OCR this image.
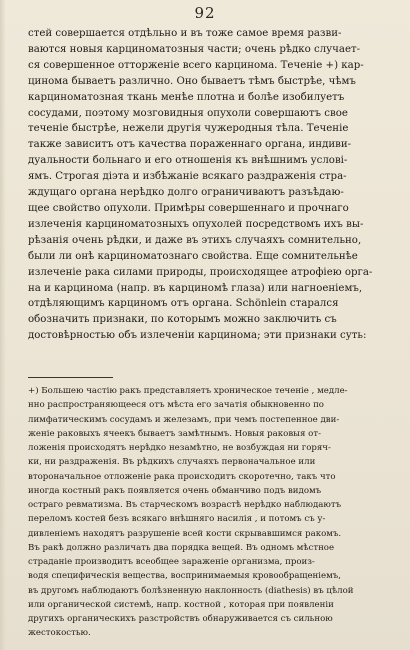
92
стей совершается отдѣльно и въ тоже самое время разви-
ваются новыя карциноматозныя части; очень рѣдко случает-
ся совершенное отторженіе всего карцинома. Теченіе +) кар-
цинома бываетъ различно. Оно бываетъ тѣмъ быстрѣе, чѣмъ
карциноматозная ткань менѣе плотна и болѣе изобилуетъ
сосудами, поэтому мозговидныя опухоли совершаютъ свое
теченіе быстрѣе, нежели другія чужеродныя тѣла. Теченіе
также зависитъ отъ качества пораженнаго органа, индиви-
дуальности больнаго и его отношенія къ внѣшнимъ услові-
ямъ. Строгая діэта и избѣжаніе всякаго раздраженія стра-
ждущаго органа нерѣдко долго ограничиваютъ разъѣдаю-
щее свойство опухоли. Примѣры совершеннаго и прочнаго
излеченія карциноматозныхъ опухолей посредствомъ ихъ вы-
рѣзанія очень рѣдки, и даже въ этихъ случаяхъ сомнительно,
были ли онѣ карциноматознаго свойства. Еще сомнительнѣе
излеченіе рака силами природы, происходящее атрофіею орга-
на и карцинома (напр. въ карциномѣ глаза) или нагноеніемъ,
отдѣляющимъ карциномъ отъ органа. Schönlein старался
обозначить признаки, по которымъ можно заключить съ
достовѣрностью объ излеченіи карцинома; эти признаки суть:
+) Большею частію ракъ представляетъ хроническое теченіе , медле-
нно распространяющееся отъ мѣста его зачатія обыкновенно по
лимфатическимъ сосудамъ и железамъ, при чемъ постепенное дви-
женіе раковыхъ ячеекъ бываетъ замѣтнымъ. Новыя раковыя от-
ложенія происходятъ нерѣдко незамѣтно, не возбуждая ни горяч-
ки, ни раздраженія. Въ рѣдкихъ случаяхъ первоначальное или
второначальное отложеніе рака происходитъ скоротечно, такъ что
иногда костный ракъ появляется очень обманчиво подъ видомъ
остраго ревматизма. Въ старческомъ возрастѣ нерѣдко наблюдаютъ
переломъ костей безъ всякаго внѣшняго насилія , и потомъ съ у-
дивленіемъ находятъ разрушеніе всей кости скрывавшимся ракомъ.
Въ ракѣ должно различать два порядка вещей. Въ одномъ мѣстное
страданіе производитъ всеобщее зараженіе организма, произ-
водя специфическія вещества, воспринимаемыя кровообращеніемъ,
въ другомъ наблюдаютъ болѣзненную наклонность (diathesis) въ цѣлой
или органической системѣ, напр. костной , которая при появленіи
другихъ органическихъ разстройствъ обнаруживается съ сильною
жестокостью.
